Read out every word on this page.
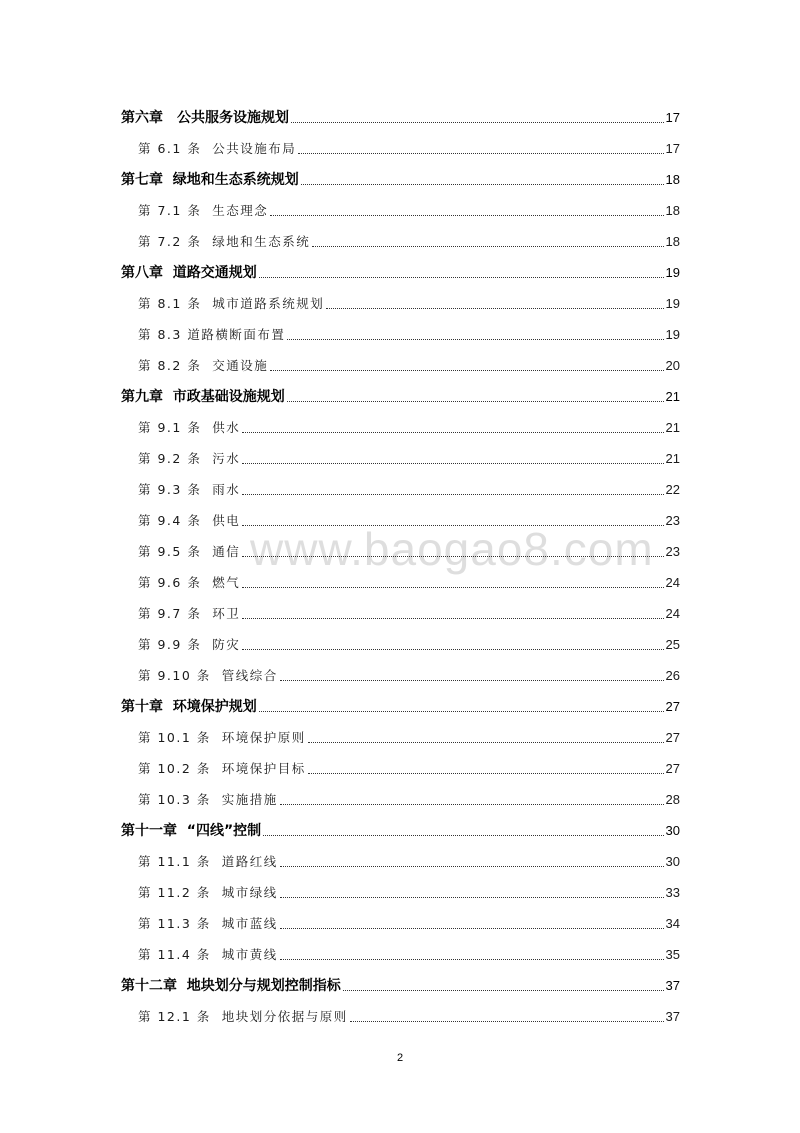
第六章　公共服务设施规划	17
第 6.1 条  公共设施布局	17
第七章  绿地和生态系统规划	18
第 7.1 条  生态理念	18
第 7.2 条  绿地和生态系统	18
第八章  道路交通规划	19
第 8.1 条  城市道路系统规划	19
第 8.3 道路横断面布置	19
第 8.2 条  交通设施	20
第九章  市政基础设施规划	21
第 9.1 条  供水	21
第 9.2 条  污水	21
第 9.3 条  雨水	22
第 9.4 条  供电	23
第 9.5 条  通信	23
第 9.6 条  燃气	24
第 9.7 条  环卫	24
第 9.9 条  防灾	25
第 9.10 条  管线综合	26
第十章  环境保护规划	27
第 10.1 条  环境保护原则	27
第 10.2 条  环境保护目标	27
第 10.3 条  实施措施	28
第十一章  “四线”控制	30
第 11.1 条  道路红线	30
第 11.2 条  城市绿线	33
第 11.3 条  城市蓝线	34
第 11.4 条  城市黄线	35
第十二章  地块划分与规划控制指标	37
第 12.1 条  地块划分依据与原则	37
www.baogao8.com
2
